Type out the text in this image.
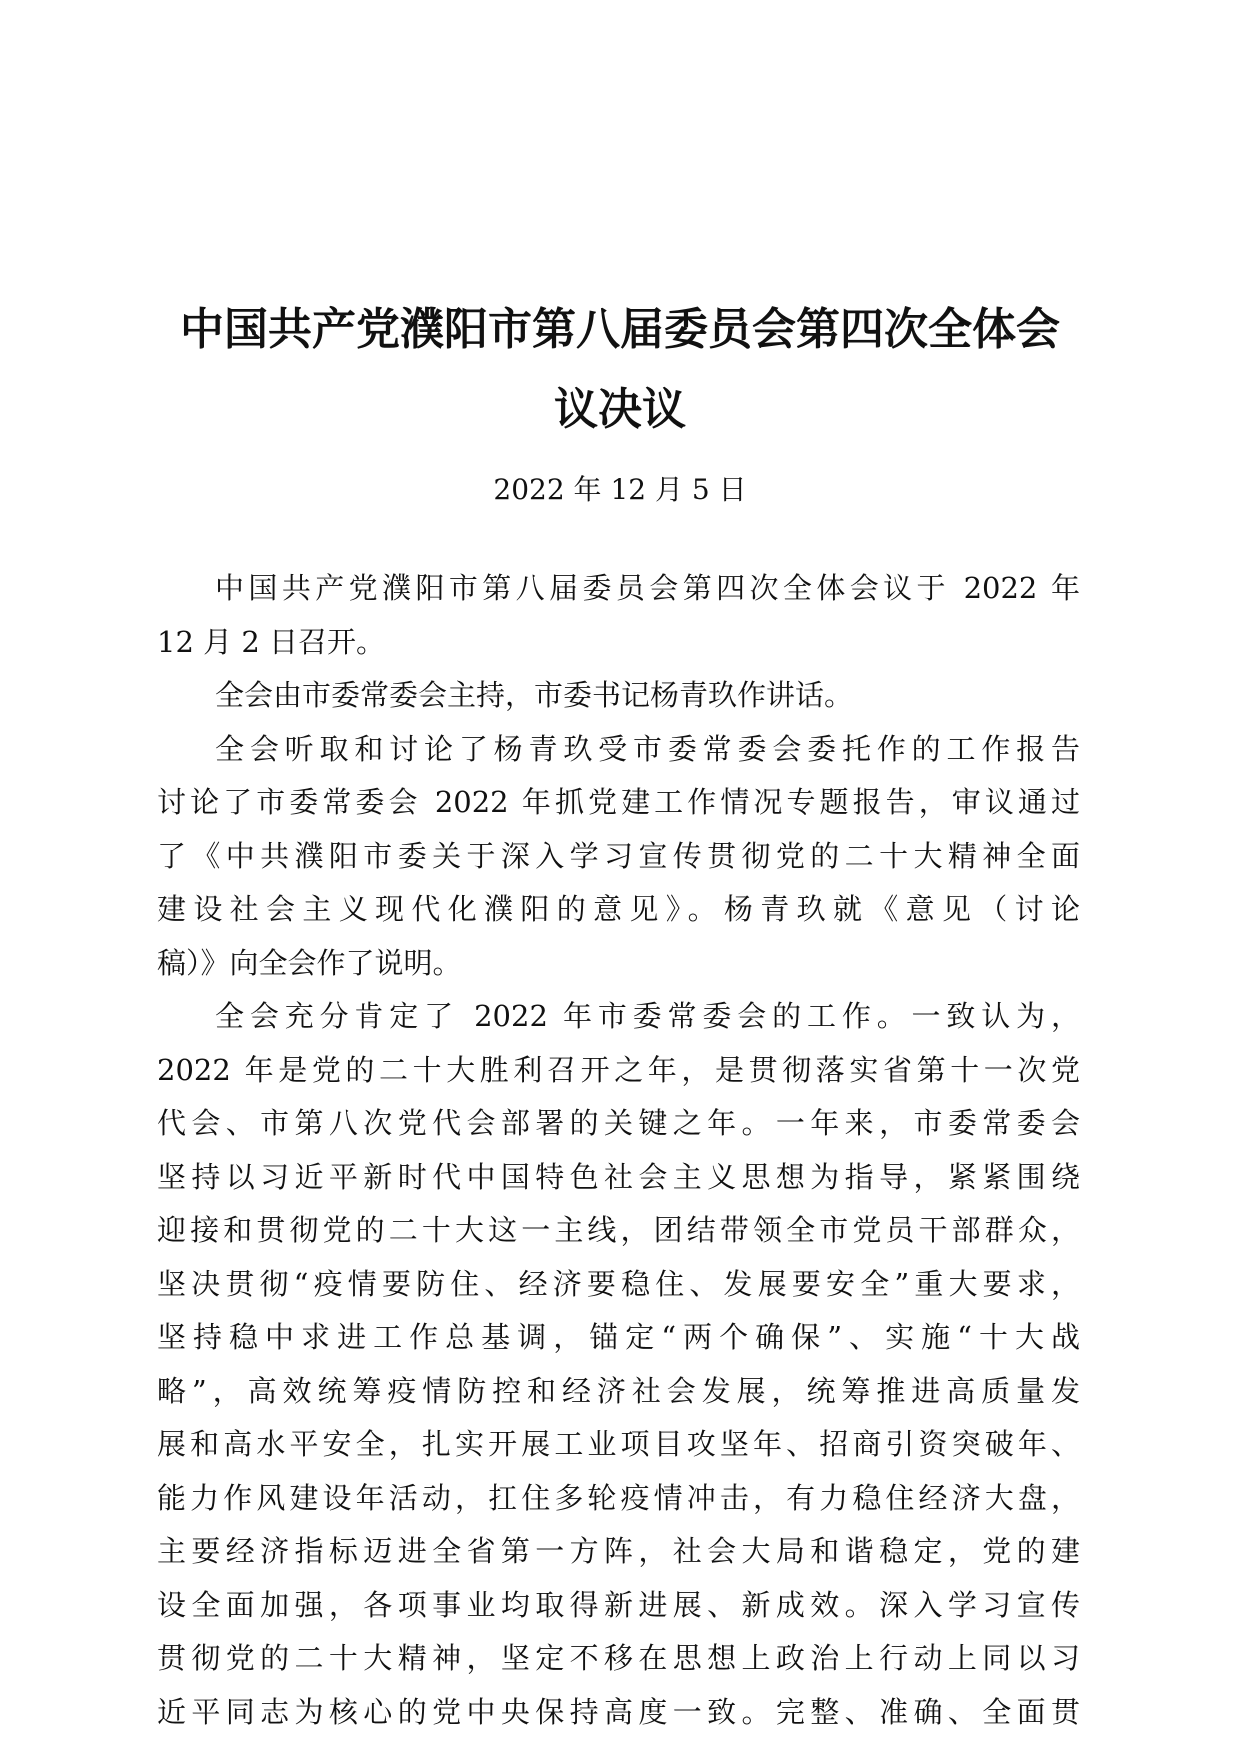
中国共产党濮阳市第八届委员会第四次全体会
议决议
2022 年 12 月 5 日
中国共产党濮阳市第八届委员会第四次全体会议于 2022 年
12 月 2 日召开。
全会由市委常委会主持，市委书记杨青玖作讲话。
全会听取和讨论了杨青玖受市委常委会委托作的工作报告
讨论了市委常委会 2022 年抓党建工作情况专题报告，审议通过
了《中共濮阳市委关于深入学习宣传贯彻党的二十大精神全面
建设社会主义现代化濮阳的意见》。杨青玖就《意见（讨论
稿）》向全会作了说明。
全会充分肯定了 2022 年市委常委会的工作。一致认为，
2022 年是党的二十大胜利召开之年，是贯彻落实省第十一次党
代会、市第八次党代会部署的关键之年。一年来，市委常委会
坚持以习近平新时代中国特色社会主义思想为指导，紧紧围绕
迎接和贯彻党的二十大这一主线，团结带领全市党员干部群众，
坚决贯彻“疫情要防住、经济要稳住、发展要安全”重大要求，
坚持稳中求进工作总基调，锚定“两个确保”、实施“十大战
略”，高效统筹疫情防控和经济社会发展，统筹推进高质量发
展和高水平安全，扎实开展工业项目攻坚年、招商引资突破年、
能力作风建设年活动，扛住多轮疫情冲击，有力稳住经济大盘，
主要经济指标迈进全省第一方阵，社会大局和谐稳定，党的建
设全面加强，各项事业均取得新进展、新成效。深入学习宣传
贯彻党的二十大精神，坚定不移在思想上政治上行动上同以习
近平同志为核心的党中央保持高度一致。完整、准确、全面贯
